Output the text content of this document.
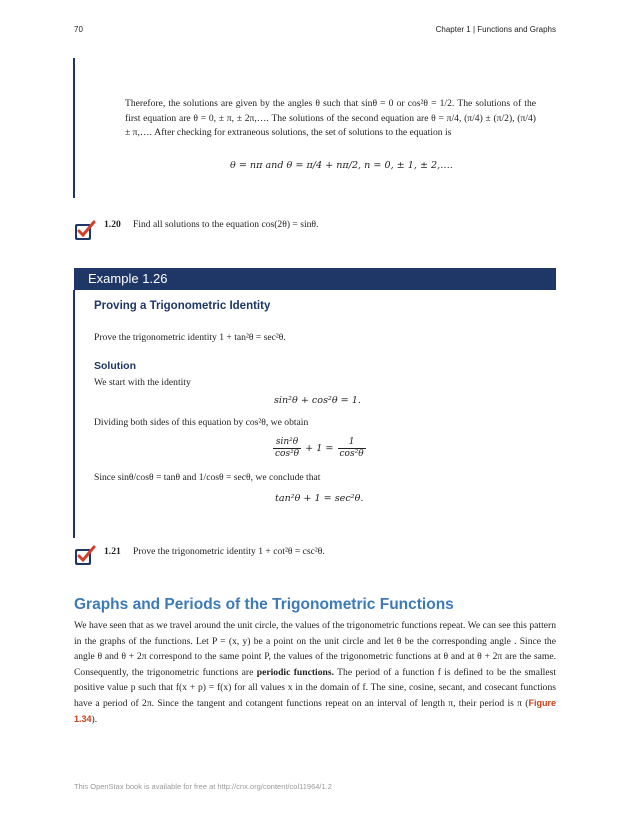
70	Chapter 1 | Functions and Graphs
Therefore, the solutions are given by the angles θ such that sinθ = 0 or cos²θ = 1/2. The solutions of the first equation are θ = 0, ± π, ± 2π,…. The solutions of the second equation are θ = π/4, (π/4) ± (π/2), (π/4) ± π,…. After checking for extraneous solutions, the set of solutions to the equation is
θ = nπ and θ = π/4 + nπ/2, n = 0, ± 1, ± 2,….
1.20 Find all solutions to the equation cos(2θ) = sinθ.
Example 1.26
Proving a Trigonometric Identity
Prove the trigonometric identity 1 + tan²θ = sec²θ.
Solution
We start with the identity
sin²θ + cos²θ = 1.
Dividing both sides of this equation by cos²θ, we obtain
$\frac{\text{sin²θ}}{\text{cos²θ}} + 1 = \frac{1}{\text{cos²θ}}$
Since sinθ/cosθ = tanθ and 1/cosθ = secθ, we conclude that
tan²θ + 1 = sec²θ.
1.21 Prove the trigonometric identity 1 + cot²θ = csc²θ.
Graphs and Periods of the Trigonometric Functions
We have seen that as we travel around the unit circle, the values of the trigonometric functions repeat. We can see this pattern in the graphs of the functions. Let P = (x, y) be a point on the unit circle and let θ be the corresponding angle . Since the angle θ and θ + 2π correspond to the same point P, the values of the trigonometric functions at θ and at θ + 2π are the same. Consequently, the trigonometric functions are periodic functions. The period of a function f is defined to be the smallest positive value p such that f(x + p) = f(x) for all values x in the domain of f. The sine, cosine, secant, and cosecant functions have a period of 2π. Since the tangent and cotangent functions repeat on an interval of length π, their period is π (Figure 1.34).
This OpenStax book is available for free at http://cnx.org/content/col11964/1.2
